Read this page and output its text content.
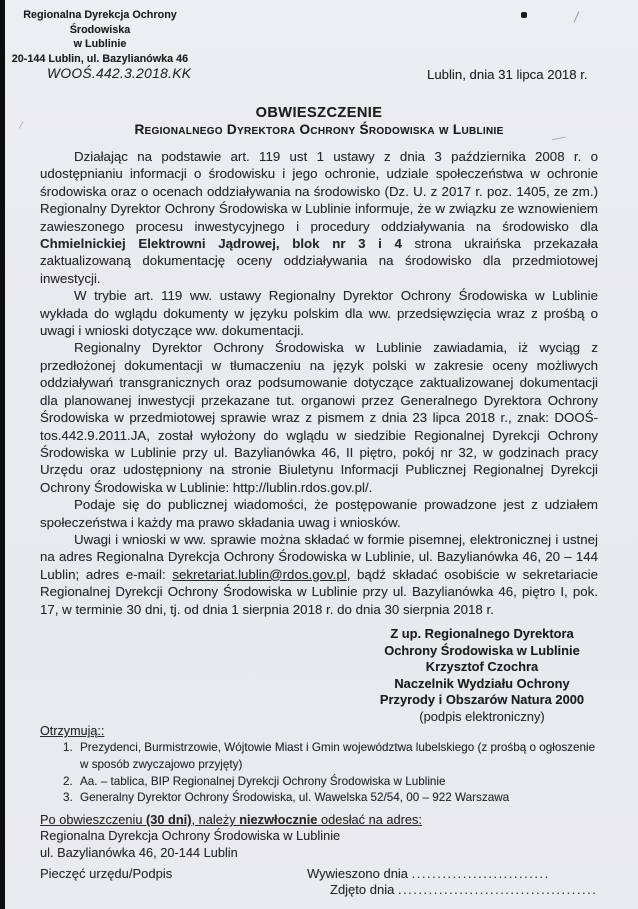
Regionalna Dyrekcja Ochrony Środowiska
w Lublinie
20-144 Lublin, ul. Bazylianówka 46
WOOŚ.442.3.2018.KK	Lublin, dnia 31 lipca 2018 r.
OBWIESZCZENIE
Regionalnego Dyrektora Ochrony Środowiska w Lublinie

Działając na podstawie art. 119 ust 1 ustawy z dnia 3 października 2008 r. o udostępnianiu informacji o środowisku i jego ochronie, udziale społeczeństwa w ochronie środowiska oraz o ocenach oddziaływania na środowisko (Dz. U. z 2017 r. poz. 1405, ze zm.) Regionalny Dyrektor Ochrony Środowiska w Lublinie informuje, że w związku ze wznowieniem zawieszonego procesu inwestycyjnego i procedury oddziaływania na środowisko dla Chmielnickiej Elektrowni Jądrowej, blok nr 3 i 4 strona ukraińska przekazała zaktualizowaną dokumentację oceny oddziaływania na środowisko dla przedmiotowej inwestycji.

W trybie art. 119 ww. ustawy Regionalny Dyrektor Ochrony Środowiska w Lublinie wykłada do wglądu dokumenty w języku polskim dla ww. przedsięwzięcia wraz z prośbą o uwagi i wnioski dotyczące ww. dokumentacji.

Regionalny Dyrektor Ochrony Środowiska w Lublinie zawiadamia, iż wyciąg z przedłożonej dokumentacji w tłumaczeniu na język polski w zakresie oceny możliwych oddziaływań transgranicznych oraz podsumowanie dotyczące zaktualizowanej dokumentacji dla planowanej inwestycji przekazane tut. organowi przez Generalnego Dyrektora Ochrony Środowiska w przedmiotowej sprawie wraz z pismem z dnia 23 lipca 2018 r., znak: DOOŚ-tos.442.9.2011.JA, został wyłożony do wglądu w siedzibie Regionalnej Dyrekcji Ochrony Środowiska w Lublinie przy ul. Bazylianówka 46, II piętro, pokój nr 32, w godzinach pracy Urzędu oraz udostępniony na stronie Biuletynu Informacji Publicznej Regionalnej Dyrekcji Ochrony Środowiska w Lublinie: http://lublin.rdos.gov.pl/.

Podaje się do publicznej wiadomości, że postępowanie prowadzone jest z udziałem społeczeństwa i każdy ma prawo składania uwag i wniosków.

Uwagi i wnioski w ww. sprawie można składać w formie pisemnej, elektronicznej i ustnej na adres Regionalna Dyrekcja Ochrony Środowiska w Lublinie, ul. Bazylianówka 46, 20 – 144 Lublin; adres e-mail: sekretariat.lublin@rdos.gov.pl, bądź składać osobiście w sekretariacie Regionalnej Dyrekcji Ochrony Środowiska w Lublinie przy ul. Bazylianówka 46, piętro I, pok. 17, w terminie 30 dni, tj. od dnia 1 sierpnia 2018 r. do dnia 30 sierpnia 2018 r.

Z up. Regionalnego Dyrektora
Ochrony Środowiska w Lublinie
Krzysztof Czochra
Naczelnik Wydziału Ochrony
Przyrody i Obszarów Natura 2000
(podpis elektroniczny)

Otrzymują::

1. Prezydenci, Burmistrzowie, Wójtowie Miast i Gmin województwa lubelskiego (z prośbą o ogłoszenie w sposób zwyczajowo przyjęty)
2. Aa. – tablica, BIP Regionalnej Dyrekcji Ochrony Środowiska w Lublinie
3. Generalny Dyrektor Ochrony Środowiska, ul. Wawelska 52/54, 00 – 922 Warszawa

Po obwieszczeniu (30 dni), należy niezwłocznie odesłać na adres:

Regionalna Dyrekcja Ochrony Środowiska w Lublinie

ul. Bazylianówka 46, 20-144 Lublin

Pieczęć urzędu/Podpis	Wywieszono dnia ...........................
Zdjęto dnia .......................................
